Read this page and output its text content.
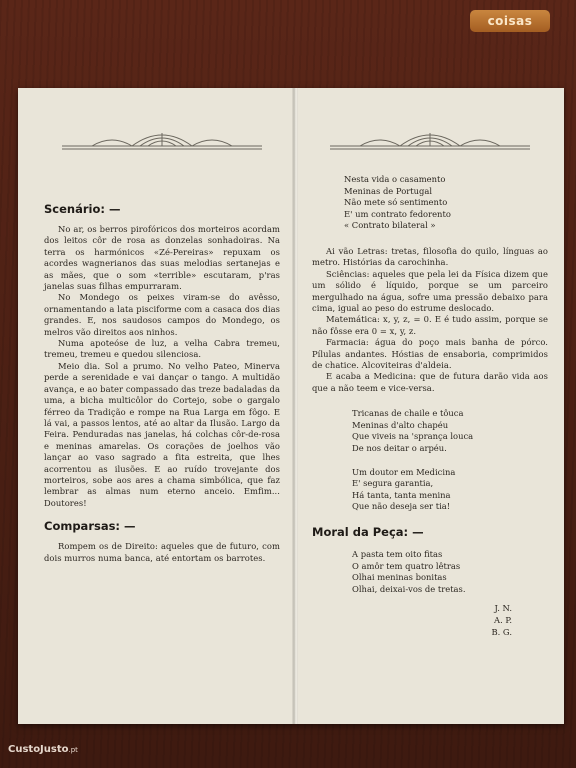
coisas

Scenário: —

No ar, os berros pirofóricos dos morteiros acordam dos leitos côr de rosa as donzelas sonhadoiras. Na terra os harmónicos «Zé-Pereiras» repuxam os acordes wagnerianos das suas melodias sertanejas e as mães, que o som «terrible» escutaram, p'ras janelas suas filhas empurraram.

No Mondego os peixes viram-se do avêsso, ornamentando a lata pisciforme com a casaca dos dias grandes. E, nos saudosos campos do Mondego, os melros vão direitos aos ninhos.

Numa apoteóse de luz, a velha Cabra tremeu, tremeu, tremeu e quedou silenciosa.

Meio dia. Sol a prumo. No velho Pateo, Minerva perde a serenidade e vai dançar o tango. A multidão avança, e ao bater compassado das treze badaladas da uma, a bicha multicôlor do Cortejo, sobe o gargalo férreo da Tradição e rompe na Rua Larga em fôgo. E lá vai, a passos lentos, até ao altar da Ilusão. Largo da Feira. Penduradas nas janelas, há colchas côr-de-rosa e meninas amarelas. Os corações de joelhos vão lançar ao vaso sagrado a fita estreita, que lhes acorrentou as ilusões. E ao ruído trovejante dos morteiros, sobe aos ares a chama simbólica, que faz lembrar as almas num eterno anceio. Emfim... Doutores!

Comparsas: —

Rompem os de Direito: aqueles que de futuro, com dois murros numa banca, até entortam os barrotes.

Nesta vida o casamento

Meninas de Portugal

Não mete só sentimento

E' um contrato fedorento

« Contrato bilateral »

Ai vão Letras: tretas, filosofia do quilo, línguas ao metro. Histórias da carochinha.

Sciências: aqueles que pela lei da Física dizem que um sólido é líquido, porque se um parceiro mergulhado na água, sofre uma pressão debaixo para cima, igual ao peso do estrume deslocado.

Matemática: x, y, z, = 0. E é tudo assim, porque se não fôsse era 0 = x, y, z.

Farmacia: água do poço mais banha de pórco. Pílulas andantes. Hóstias de ensaboria, comprimidos de chatice. Alcoviteiras d'aldeia.

E acaba a Medicina: que de futura darão vida aos que a não teem e vice-versa.

Tricanas de chaile e tôuca

Meninas d'alto chapéu

Que viveis na 'sprança louca

De nos deitar o arpéu.

Um doutor em Medicina

E' segura garantia,

Há tanta, tanta menina

Que não deseja ser tia!

Moral da Peça: —

A pasta tem oito fitas

O amôr tem quatro lêtras

Olhai meninas bonitas

Olhai, deixai-vos de tretas.

J. N.

A. P.

B. G.

CustoJusto.pt
